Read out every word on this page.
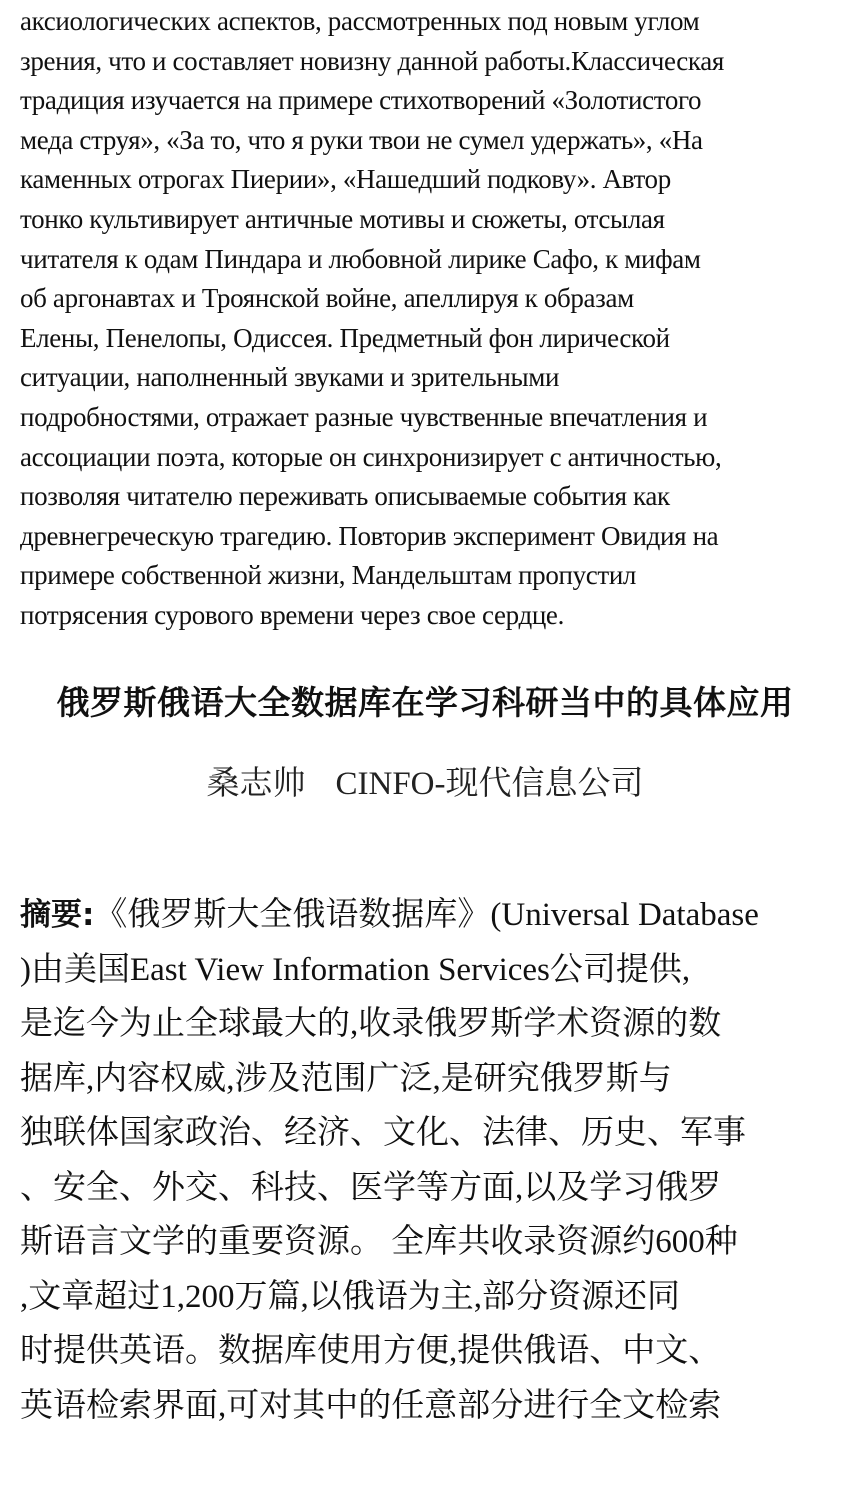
аксиологических аспектов, рассмотренных под новым углом
зрения, что и составляет новизну данной работы.Классическая
традиция изучается на примере стихотворений «Золотистого
меда струя», «За то, что я руки твои не сумел удержать», «На
каменных отрогах Пиерии», «Нашедший подкову». Автор
тонко культивирует античные мотивы и сюжеты, отсылая
читателя к одам Пиндара и любовной лирике Сафо, к мифам
об аргонавтах и Троянской войне, апеллируя к образам
Елены, Пенелопы, Одиссея. Предметный фон лирической
ситуации, наполненный звуками и зрительными
подробностями, отражает разные чувственные впечатления и
ассоциации поэта, которые он синхронизирует с античностью,
позволяя читателю переживать описываемые события как
древнегреческую трагедию. Повторив эксперимент Овидия на
примере собственной жизни, Мандельштам пропустил
потрясения сурового времени через свое сердце.

俄罗斯俄语大全数据库在学习科研当中的具体应用

桑志帅 CINFO-现代信息公司

摘要:《俄罗斯大全俄语数据库》(Universal Database
)由美国East View Information Services公司提供,
是迄今为止全球最大的,收录俄罗斯学术资源的数
据库,内容权威,涉及范围广泛,是研究俄罗斯与
独联体国家政治、经济、文化、法律、历史、军事
、安全、外交、科技、医学等方面,以及学习俄罗
斯语言文学的重要资源。 全库共收录资源约600种
,文章超过1,200万篇,以俄语为主,部分资源还同
时提供英语。数据库使用方便,提供俄语、中文、
英语检索界面,可对其中的任意部分进行全文检索
